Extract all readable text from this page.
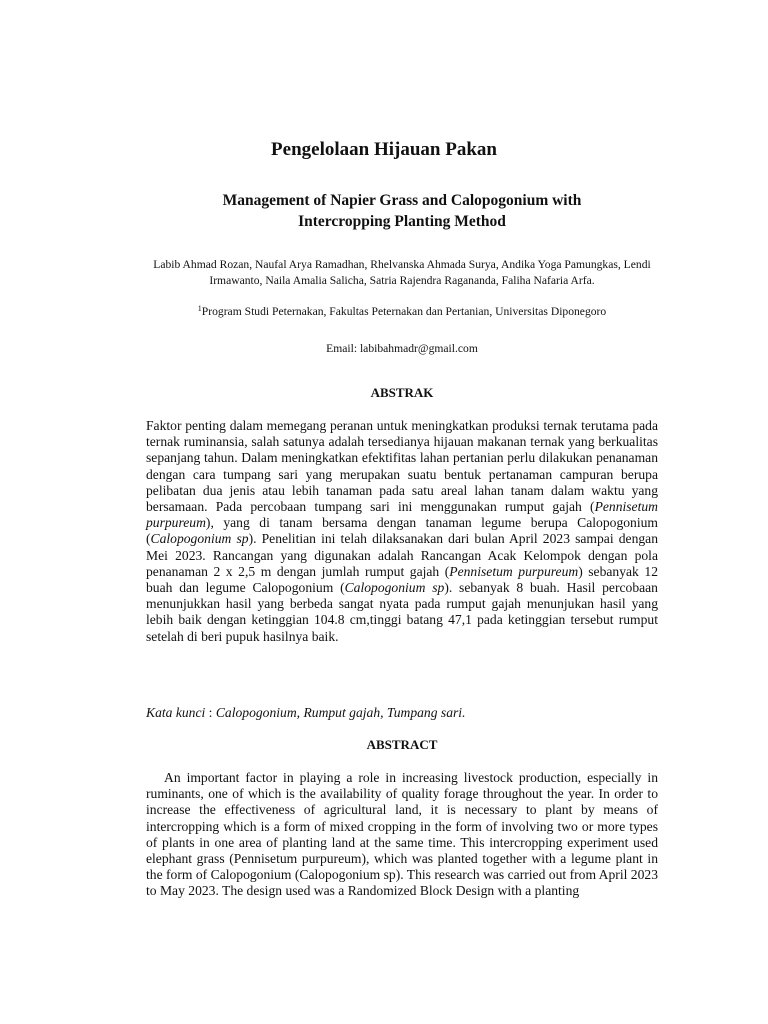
Pengelolaan Hijauan Pakan
Management of Napier Grass and Calopogonium with
Intercropping Planting Method
Labib Ahmad Rozan, Naufal Arya Ramadhan, Rhelvanska Ahmada Surya, Andika Yoga Pamungkas, Lendi Irmawanto, Naila Amalia Salicha, Satria Rajendra Ragananda, Faliha Nafaria Arfa.
$^1$Program Studi Peternakan, Fakultas Peternakan dan Pertanian, Universitas Diponegoro
Email: labibahmadr@gmail.com
ABSTRAK
Faktor penting dalam memegang peranan untuk meningkatkan produksi ternak terutama pada ternak ruminansia, salah satunya adalah tersedianya hijauan makanan ternak yang berkualitas sepanjang tahun. Dalam meningkatkan efektifitas lahan pertanian perlu dilakukan penanaman dengan cara tumpang sari yang merupakan suatu bentuk pertanaman campuran berupa pelibatan dua jenis atau lebih tanaman pada satu areal lahan tanam dalam waktu yang bersamaan. Pada percobaan tumpang sari ini menggunakan rumput gajah (Pennisetum purpureum), yang di tanam bersama dengan tanaman legume berupa Calopogonium (Calopogonium sp). Penelitian ini telah dilaksanakan dari bulan April 2023 sampai dengan Mei 2023. Rancangan yang digunakan adalah Rancangan Acak Kelompok dengan pola penanaman 2 x 2,5 m dengan jumlah rumput gajah (Pennisetum purpureum) sebanyak 12 buah dan legume Calopogonium (Calopogonium sp). sebanyak 8 buah. Hasil percobaan menunjukkan hasil yang berbeda sangat nyata pada rumput gajah menunjukan hasil yang lebih baik dengan ketinggian 104.8 cm,tinggi batang 47,1 pada ketinggian tersebut rumput setelah di beri pupuk hasilnya baik.
Kata kunci : Calopogonium, Rumput gajah, Tumpang sari.
ABSTRACT
An important factor in playing a role in increasing livestock production, especially in ruminants, one of which is the availability of quality forage throughout the year. In order to increase the effectiveness of agricultural land, it is necessary to plant by means of intercropping which is a form of mixed cropping in the form of involving two or more types of plants in one area of planting land at the same time. This intercropping experiment used elephant grass (Pennisetum purpureum), which was planted together with a legume plant in the form of Calopogonium (Calopogonium sp). This research was carried out from April 2023 to May 2023. The design used was a Randomized Block Design with a planting
